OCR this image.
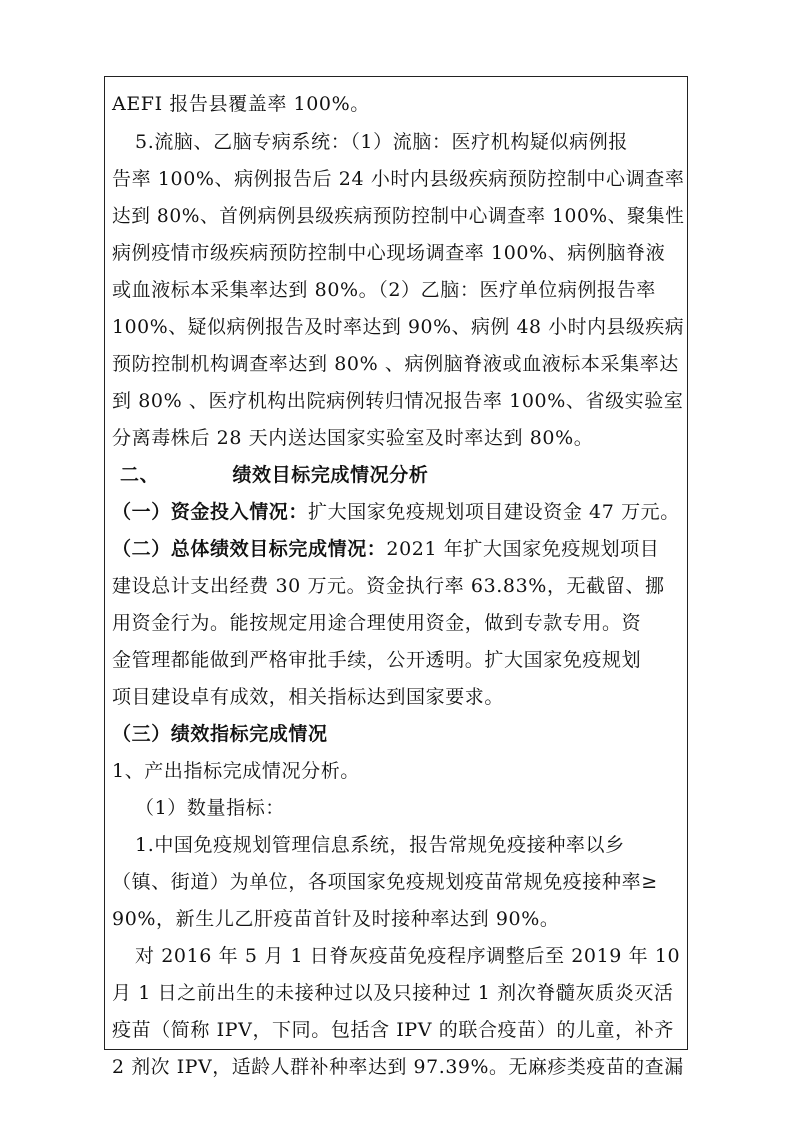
AEFI 报告县覆盖率 100%。
5.流脑、乙脑专病系统：（1）流脑：医疗机构疑似病例报
告率 100%、病例报告后 24 小时内县级疾病预防控制中心调查率
达到 80%、首例病例县级疾病预防控制中心调查率 100%、聚集性
病例疫情市级疾病预防控制中心现场调查率 100%、病例脑脊液
或血液标本采集率达到 80%。（2）乙脑：医疗单位病例报告率
100%、疑似病例报告及时率达到 90%、病例 48 小时内县级疾病
预防控制机构调查率达到 80% 、病例脑脊液或血液标本采集率达
到 80% 、医疗机构出院病例转归情况报告率 100%、省级实验室
分离毒株后 28 天内送达国家实验室及时率达到 80%。
二、	绩效目标完成情况分析
（一）资金投入情况：扩大国家免疫规划项目建设资金 47 万元。
（二）总体绩效目标完成情况：2021 年扩大国家免疫规划项目
建设总计支出经费 30 万元。资金执行率 63.83%，无截留、挪
用资金行为。能按规定用途合理使用资金，做到专款专用。资
金管理都能做到严格审批手续，公开透明。扩大国家免疫规划
项目建设卓有成效，相关指标达到国家要求。
（三）绩效指标完成情况
1、产出指标完成情况分析。
（1）数量指标：
1.中国免疫规划管理信息系统，报告常规免疫接种率以乡
（镇、街道）为单位，各项国家免疫规划疫苗常规免疫接种率≥
90%，新生儿乙肝疫苗首针及时接种率达到 90%。
对 2016 年 5 月 1 日脊灰疫苗免疫程序调整后至 2019 年 10
月 1 日之前出生的未接种过以及只接种过 1 剂次脊髓灰质炎灭活
疫苗（简称 IPV，下同。包括含 IPV 的联合疫苗）的儿童，补齐
2 剂次 IPV，适龄人群补种率达到 97.39%。无麻疹类疫苗的查漏
